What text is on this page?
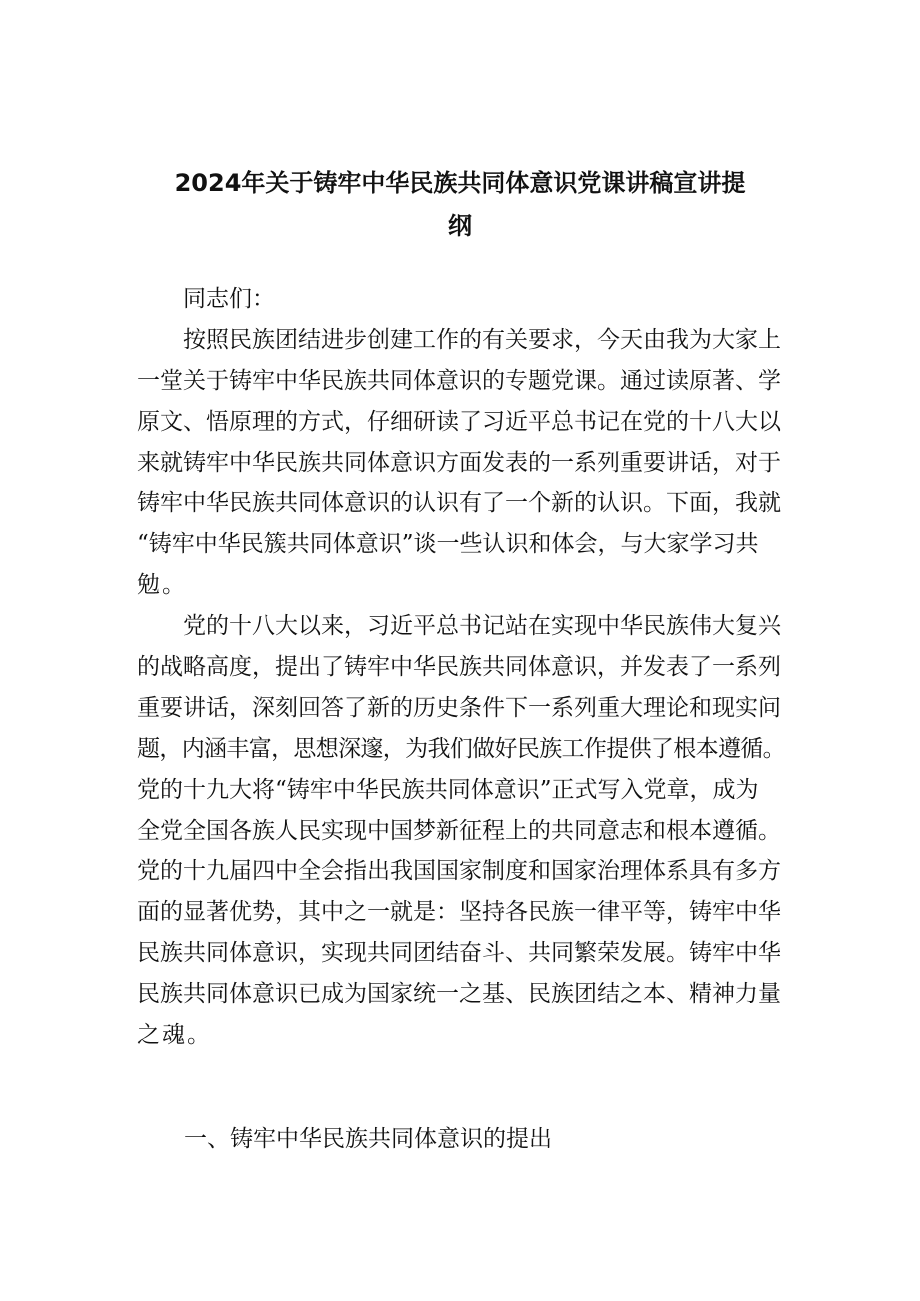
2024年关于铸牢中华民族共同体意识党课讲稿宣讲提
纲
同志们：
按照民族团结进步创建工作的有关要求，今天由我为大家上
一堂关于铸牢中华民族共同体意识的专题党课。通过读原著、学
原文、悟原理的方式，仔细研读了习近平总书记在党的十八大以
来就铸牢中华民族共同体意识方面发表的一系列重要讲话，对于
铸牢中华民族共同体意识的认识有了一个新的认识。下面，我就
“铸牢中华民簇共同体意识”谈一些认识和体会，与大家学习共
勉。
党的十八大以来，习近平总书记站在实现中华民族伟大复兴
的战略高度，提出了铸牢中华民族共同体意识，并发表了一系列
重要讲话，深刻回答了新的历史条件下一系列重大理论和现实问
题，内涵丰富，思想深邃，为我们做好民族工作提供了根本遵循。
党的十九大将“铸牢中华民族共同体意识”正式写入党章，成为
全党全国各族人民实现中国梦新征程上的共同意志和根本遵循。
党的十九届四中全会指出我国国家制度和国家治理体系具有多方
面的显著优势，其中之一就是：坚持各民族一律平等，铸牢中华
民族共同体意识，实现共同团结奋斗、共同繁荣发展。铸牢中华
民族共同体意识已成为国家统一之基、民族团结之本、精神力量
之魂。
一、铸牢中华民族共同体意识的提出
